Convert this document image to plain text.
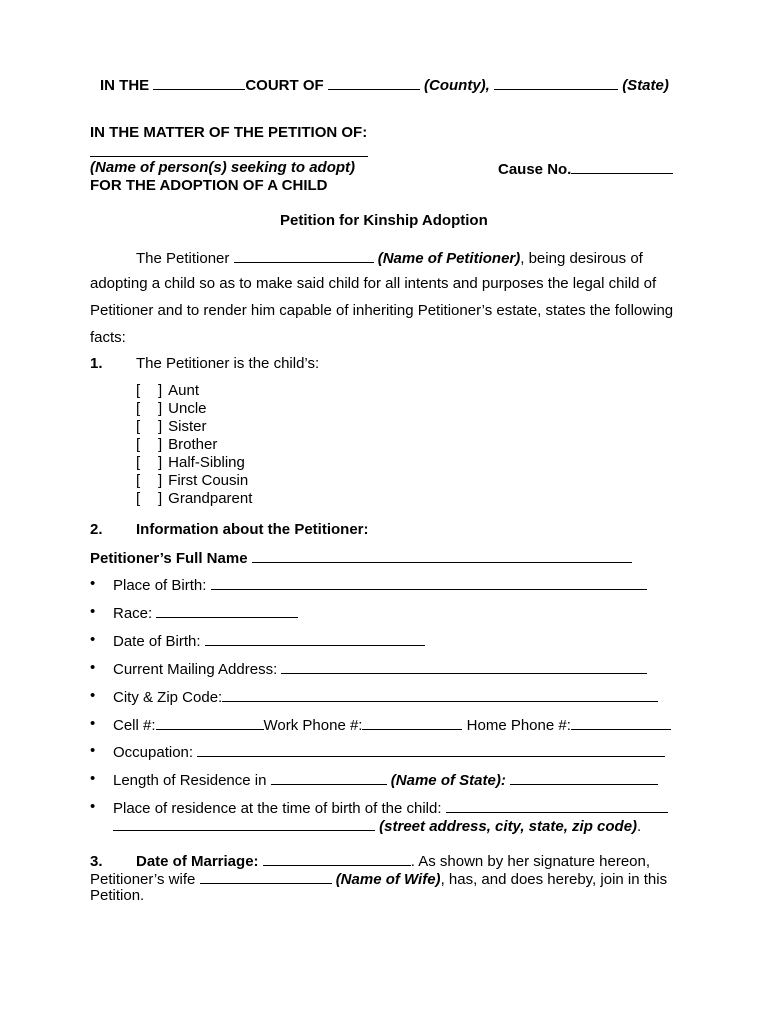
IN THE	COURT OF	(County),	(State)
IN THE MATTER OF THE PETITION OF:
(Name of person(s) seeking to adopt)	Cause No.
FOR THE ADOPTION OF A CHILD
Petition for Kinship Adoption
The Petitioner	(Name of Petitioner), being desirous of
adopting a child so as to make said child for all intents and purposes the legal child of
Petitioner and to render him capable of inheriting Petitioner’s estate, states the following
facts:
1. The Petitioner is the child’s:
[ ] Aunt
[ ] Uncle
[ ] Sister
[ ] Brother
[ ] Half-Sibling
[ ] First Cousin
[ ] Grandparent
2. Information about the Petitioner:
Petitioner’s Full Name
• Place of Birth:
• Race:
• Date of Birth:
• Current Mailing Address:
• City & Zip Code:
• Cell #:	Work Phone #:	Home Phone #:
• Occupation:
• Length of Residence in	(Name of State):
• Place of residence at the time of birth of the child:
(street address, city, state, zip code).
3. Date of Marriage:	. As shown by her signature hereon,
Petitioner’s wife	(Name of Wife), has, and does hereby, join in this
Petition.
